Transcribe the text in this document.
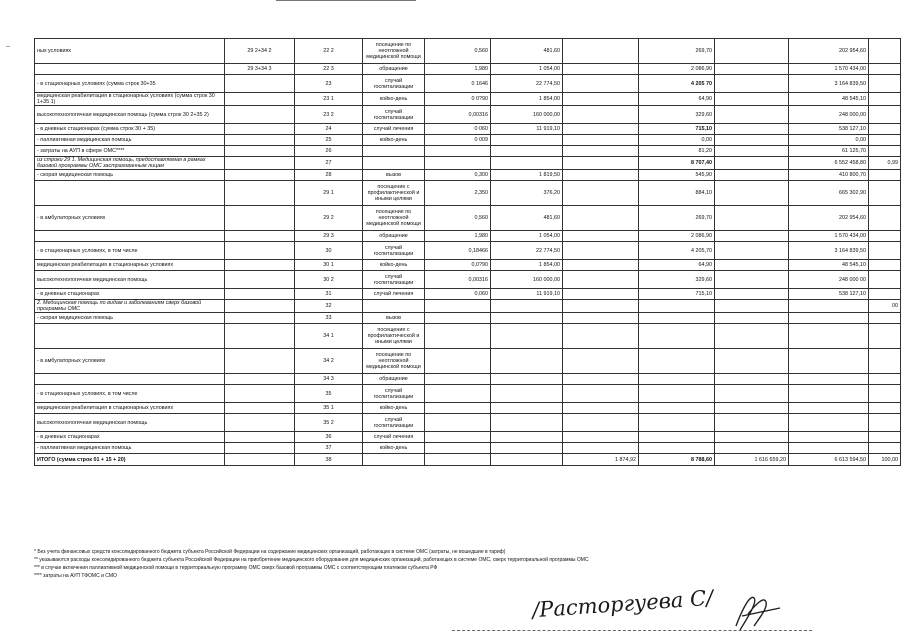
--
ных условиях	29 2+34 2	22 2	посещение по неотложной медицинской помощи	0,560	481,60		269,70		202 954,60	
	29 3+34 3	22 3	обращение	1,980	1 054,00		2 086,90		1 570 434,00	
- в стационарных условиях (сумма строк 30+35		23	случай госпитализации	0 1646	22 774,50		4 205 70		3 164 839,50	
медицинская реабилитация в стационарных условиях (сумма строк 30 1+35 1)		23 1	койко-день	0 0?90	1 854,00		64,90		48 545,10	
высокотехнологичная медицинская помощь (сумма строк 30 2+35 2)		23 2	случай госпитализации	0,00316	160 000,00		329,60		248 000,00	
- в дневных стационарах (сумма строк 30 + 35)		24	случай лечения	0 060	11 919,10		715,10		538 127,10	
- паллиативная медицинская помощь		25	койко-день	0 009			0,00		0,00	
- затраты на АУП в сфере ОМС****		26					81,20		61 125,70	
из строки 29 1. Медицинская помощь, предоставляемая в рамках базовой программы ОМС застрахованным лицам		27					8 707,40		6 552 458,80	0,99
- скорая медицинская помощь		28	вызов	0,300	1 819,50		545,90		410 800,70	
		29 1	посещение с профилактической и иными целями	2,350	376,20		884,10		665 302,90	
- в амбулаторных условиях		29 2	посещение по неотложной медицинской помощи	0,560	481,60		269,70		202 954,60	
		29 3	обращение	1,980	1 054,00		2 086,90		1 570 434,00	
- в стационарных условиях, в том числе		30	случай госпитализации	0,18466	22 774,50		4 205,70		3 164 839,50	
медицинская реабилитация в стационарных условиях		30 1	койко-день	0,0?90	1 854,00		64,90		48 545,10	
высокотехнологичная медицинская помощь		30 2	случай госпитализации	0,00316	160 000,00		329,60		248 000 00	
- в дневных стационарах		31	случай лечения	0,060	11 919,10		715,10		538 127,10	
2. Медицинская помощь по видам и заболеваниям сверх базовой программы ОМС		32								00
- скорая медицинская помощь		33	вызов							
		34 1	посещение с профилактической и иными целями							
- в амбулаторных условиях		34 2	посещение по неотложной медицинской помощи							
		34 3	обращение							
- в стационарных условиях, в том числе		35	случай госпитализации							
медицинская реабилитация в стационарных условиях		35 1	койко-день							
высокотехнологичная медицинская помощь		35 2	случай госпитализации							
- в дневных стационарах		36	случай лечения							
- паллиативная медицинская помощь		37	койко-день							
ИТОГО (сумма строк 01 + 15 + 20)		38				1 874,92	8 788,60	1 616 659,20	6 613 594,50	100,00
* Без учета финансовых средств консолидированного бюджета субъекта Российской Федерации на содержание медицинских организаций, работающих в системе ОМС (затраты, не вошедшие в тариф)
** указываются расходы консолидированного бюджета субъекта Российской Федерации на приобретение медицинского оборудования для медицинских организаций, работающих в системе ОМС, сверх территориальной программы ОМС
*** в случае включения паллиативной медицинской помощи в территориальную программу ОМС сверх базовой программы ОМС с соответствующим платежом субъекта РФ
**** затраты на АУП ТФОМС и СМО
/Расторгуева С/
